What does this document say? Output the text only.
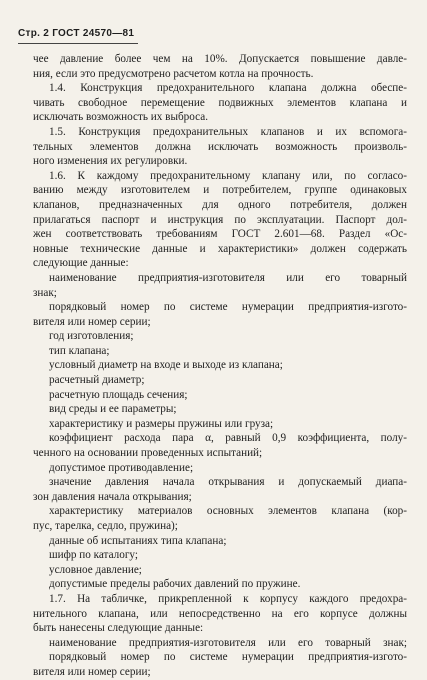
Стр. 2 ГОСТ 24570—81
чее давление более чем на 10%. Допускается повышение давле-
ния, если это предусмотрено расчетом котла на прочность.
1.4. Конструкция предохранительного клапана должна обеспе-
чивать свободное перемещение подвижных элементов клапана и
исключать возможность их выброса.
1.5. Конструкция предохранительных клапанов и их вспомога-
тельных элементов должна исключать возможность произволь-
ного изменения их регулировки.
1.6. К каждому предохранительному клапану или, по согласо-
ванию между изготовителем и потребителем, группе одинаковых
клапанов, предназначенных для одного потребителя, должен
прилагаться паспорт и инструкция по эксплуатации. Паспорт дол-
жен соответствовать требованиям ГОСТ 2.601—68. Раздел «Ос-
новные технические данные и характеристики» должен содержать
следующие данные:
наименование предприятия-изготовителя или его товарный
знак;
порядковый номер по системе нумерации предприятия-изгото-
вителя или номер серии;
год изготовления;
тип клапана;
условный диаметр на входе и выходе из клапана;
расчетный диаметр;
расчетную площадь сечения;
вид среды и ее параметры;
характеристику и размеры пружины или груза;
коэффициент расхода пара α, равный 0,9 коэффициента, полу-
ченного на основании проведенных испытаний;
допустимое противодавление;
значение давления начала открывания и допускаемый диапа-
зон давления начала открывания;
характеристику материалов основных элементов клапана (кор-
пус, тарелка, седло, пружина);
данные об испытаниях типа клапана;
шифр по каталогу;
условное давление;
допустимые пределы рабочих давлений по пружине.
1.7. На табличке, прикрепленной к корпусу каждого предохра-
нительного клапана, или непосредственно на его корпусе должны
быть нанесены следующие данные:
наименование предприятия-изготовителя или его товарный знак;
порядковый номер по системе нумерации предприятия-изгото-
вителя или номер серии;
